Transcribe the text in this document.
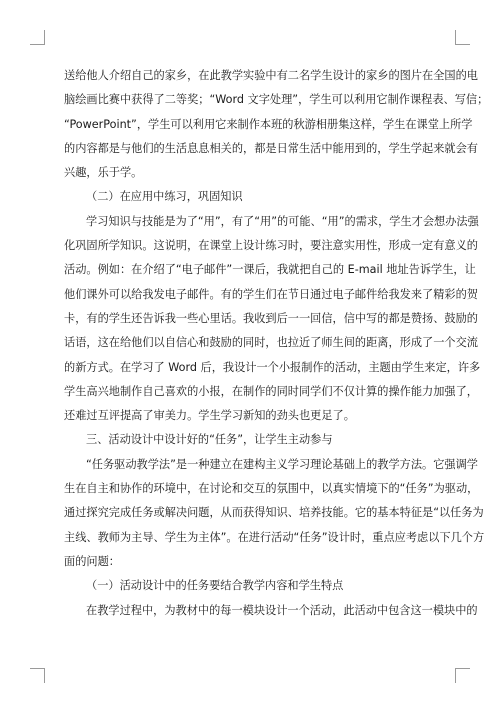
送给他人介绍自己的家乡，在此教学实验中有二名学生设计的家乡的图片在全国的电
脑绘画比赛中获得了二等奖；“Word 文字处理”，学生可以利用它制作课程表、写信；
“PowerPoint”，学生可以利用它来制作本班的秋游相册集这样，学生在课堂上所学
的内容都是与他们的生活息息相关的，都是日常生活中能用到的，学生学起来就会有
兴趣，乐于学。
（二）在应用中练习，巩固知识
学习知识与技能是为了“用”，有了“用”的可能、“用”的需求，学生才会想办法强
化巩固所学知识。这说明，在课堂上设计练习时，要注意实用性，形成一定有意义的
活动。例如：在介绍了“电子邮件”一课后，我就把自己的 E-mail 地址告诉学生，让
他们课外可以给我发电子邮件。有的学生们在节日通过电子邮件给我发来了精彩的贺
卡，有的学生还告诉我一些心里话。我收到后一一回信，信中写的都是赞扬、鼓励的
话语，这在给他们以自信心和鼓励的同时，也拉近了师生间的距离，形成了一个交流
的新方式。在学习了 Word 后，我设计一个小报制作的活动，主题由学生来定，许多
学生高兴地制作自己喜欢的小报，在制作的同时同学们不仅计算的操作能力加强了，
还难过互评提高了审美力。学生学习新知的劲头也更足了。
三、活动设计中设计好的“任务”，让学生主动参与
“任务驱动教学法”是一种建立在建构主义学习理论基础上的教学方法。它强调学
生在自主和协作的环境中，在讨论和交互的氛围中，以真实情境下的“任务”为驱动，
通过探究完成任务或解决问题，从而获得知识、培养技能。它的基本特征是“以任务为
主线、教师为主导、学生为主体”。在进行活动“任务”设计时，重点应考虑以下几个方
面的问题：
（一）活动设计中的任务要结合教学内容和学生特点
在教学过程中，为教材中的每一模块设计一个活动，此活动中包含这一模块中的
